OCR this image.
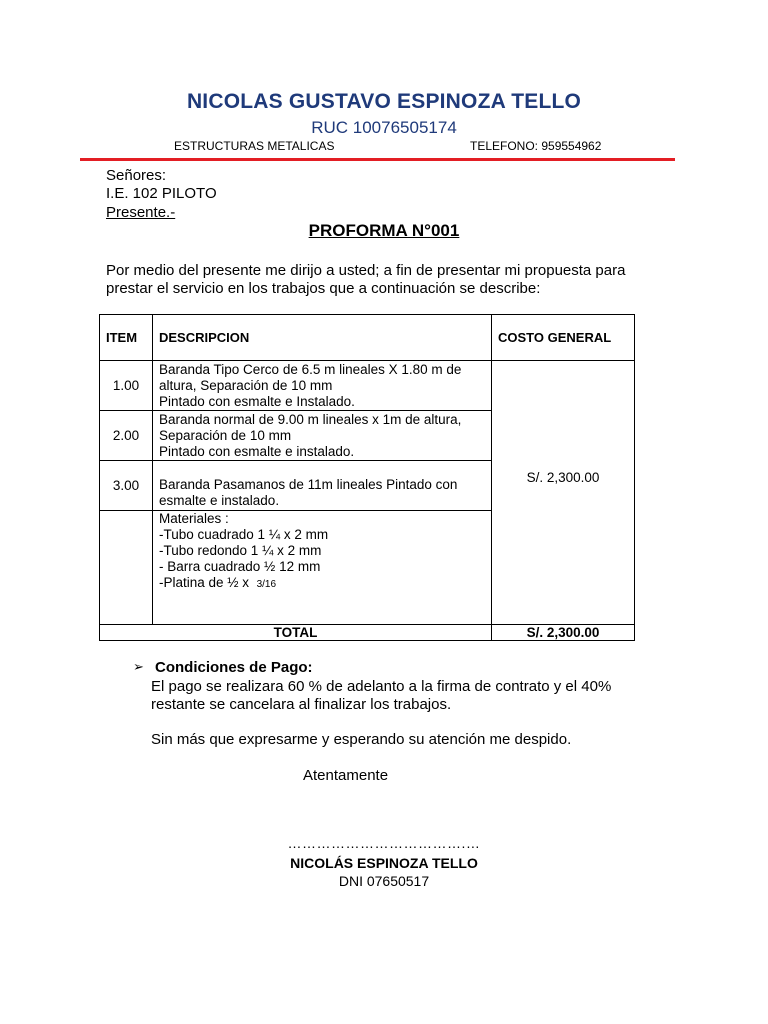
NICOLAS GUSTAVO ESPINOZA TELLO
RUC 10076505174
ESTRUCTURAS METALICAS	TELEFONO: 959554962
Señores:
I.E. 102 PILOTO
Presente.-
PROFORMA N°001
Por medio del presente me dirijo a usted; a fin de presentar mi propuesta para prestar el servicio en los trabajos que a continuación se describe:
ITEM	DESCRIPCION	COSTO GENERAL
1.00	Baranda Tipo Cerco de 6.5 m lineales X 1.80 m de
altura, Separación de 10 mm
Pintado con esmalte e Instalado.	S/. 2,300.00
2.00	Baranda normal de 9.00 m lineales x 1m de altura,
Separación de 10 mm
Pintado con esmalte e instalado.	

3.00	Baranda Pasamanos de 11m lineales Pintado con
esmalte e instalado.	

	Materiales :
-Tubo cuadrado 1 ¼ x 2 mm
-Tubo redondo 1 ¼ x 2 mm
- Barra cuadrado ½ 12 mm
-Platina de ½ x 3/16	

TOTAL		S/. 2,300.00
➢ Condiciones de Pago:
El pago se realizara 60 % de adelanto a la firma de contrato y el 40% restante se cancelara al finalizar los trabajos.
Sin más que expresarme y esperando su atención me despido.
Atentamente
……………………………….…
NICOLÁS ESPINOZA TELLO
DNI 07650517
